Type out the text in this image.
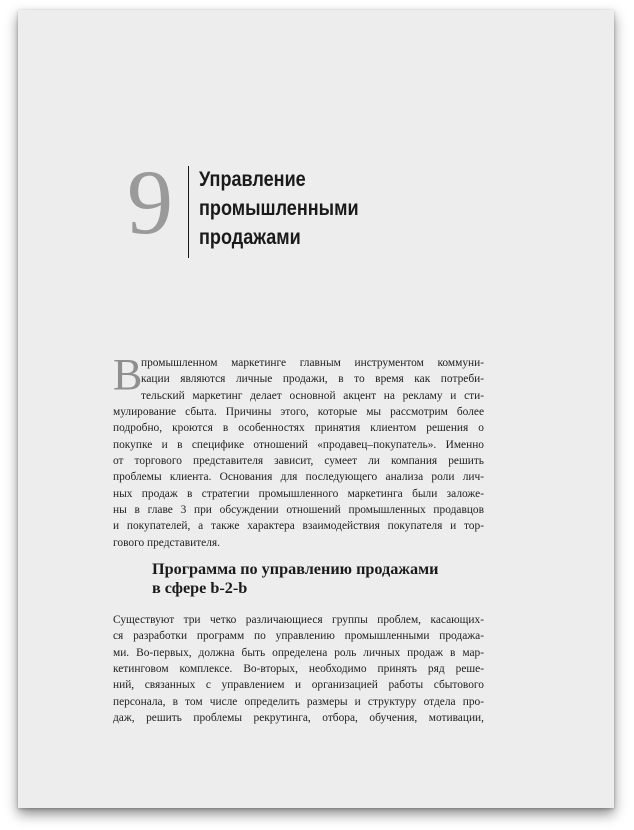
9 Управление
промышленными
продажами
В
промышленном маркетинге главным инструментом коммуни-
кации являются личные продажи, в то время как потреби-
тельский маркетинг делает основной акцент на рекламу и сти-
мулирование сбыта. Причины этого, которые мы рассмотрим более
подробно, кроются в особенностях принятия клиентом решения о
покупке и в специфике отношений «продавец–покупатель». Именно
от торгового представителя зависит, сумеет ли компания решить
проблемы клиента. Основания для последующего анализа роли лич-
ных продаж в стратегии промышленного маркетинга были заложе-
ны в главе 3 при обсуждении отношений промышленных продавцов
и покупателей, а также характера взаимодействия покупателя и тор-
гового представителя.
Программа по управлению продажами
в сфере b-2-b
Существуют три четко различающиеся группы проблем, касающих-
ся разработки программ по управлению промышленными продажа-
ми. Во-первых, должна быть определена роль личных продаж в мар-
кетинговом комплексе. Во-вторых, необходимо принять ряд реше-
ний, связанных с управлением и организацией работы сбытового
персонала, в том числе определить размеры и структуру отдела про-
даж, решить проблемы рекрутинга, отбора, обучения, мотивации,
